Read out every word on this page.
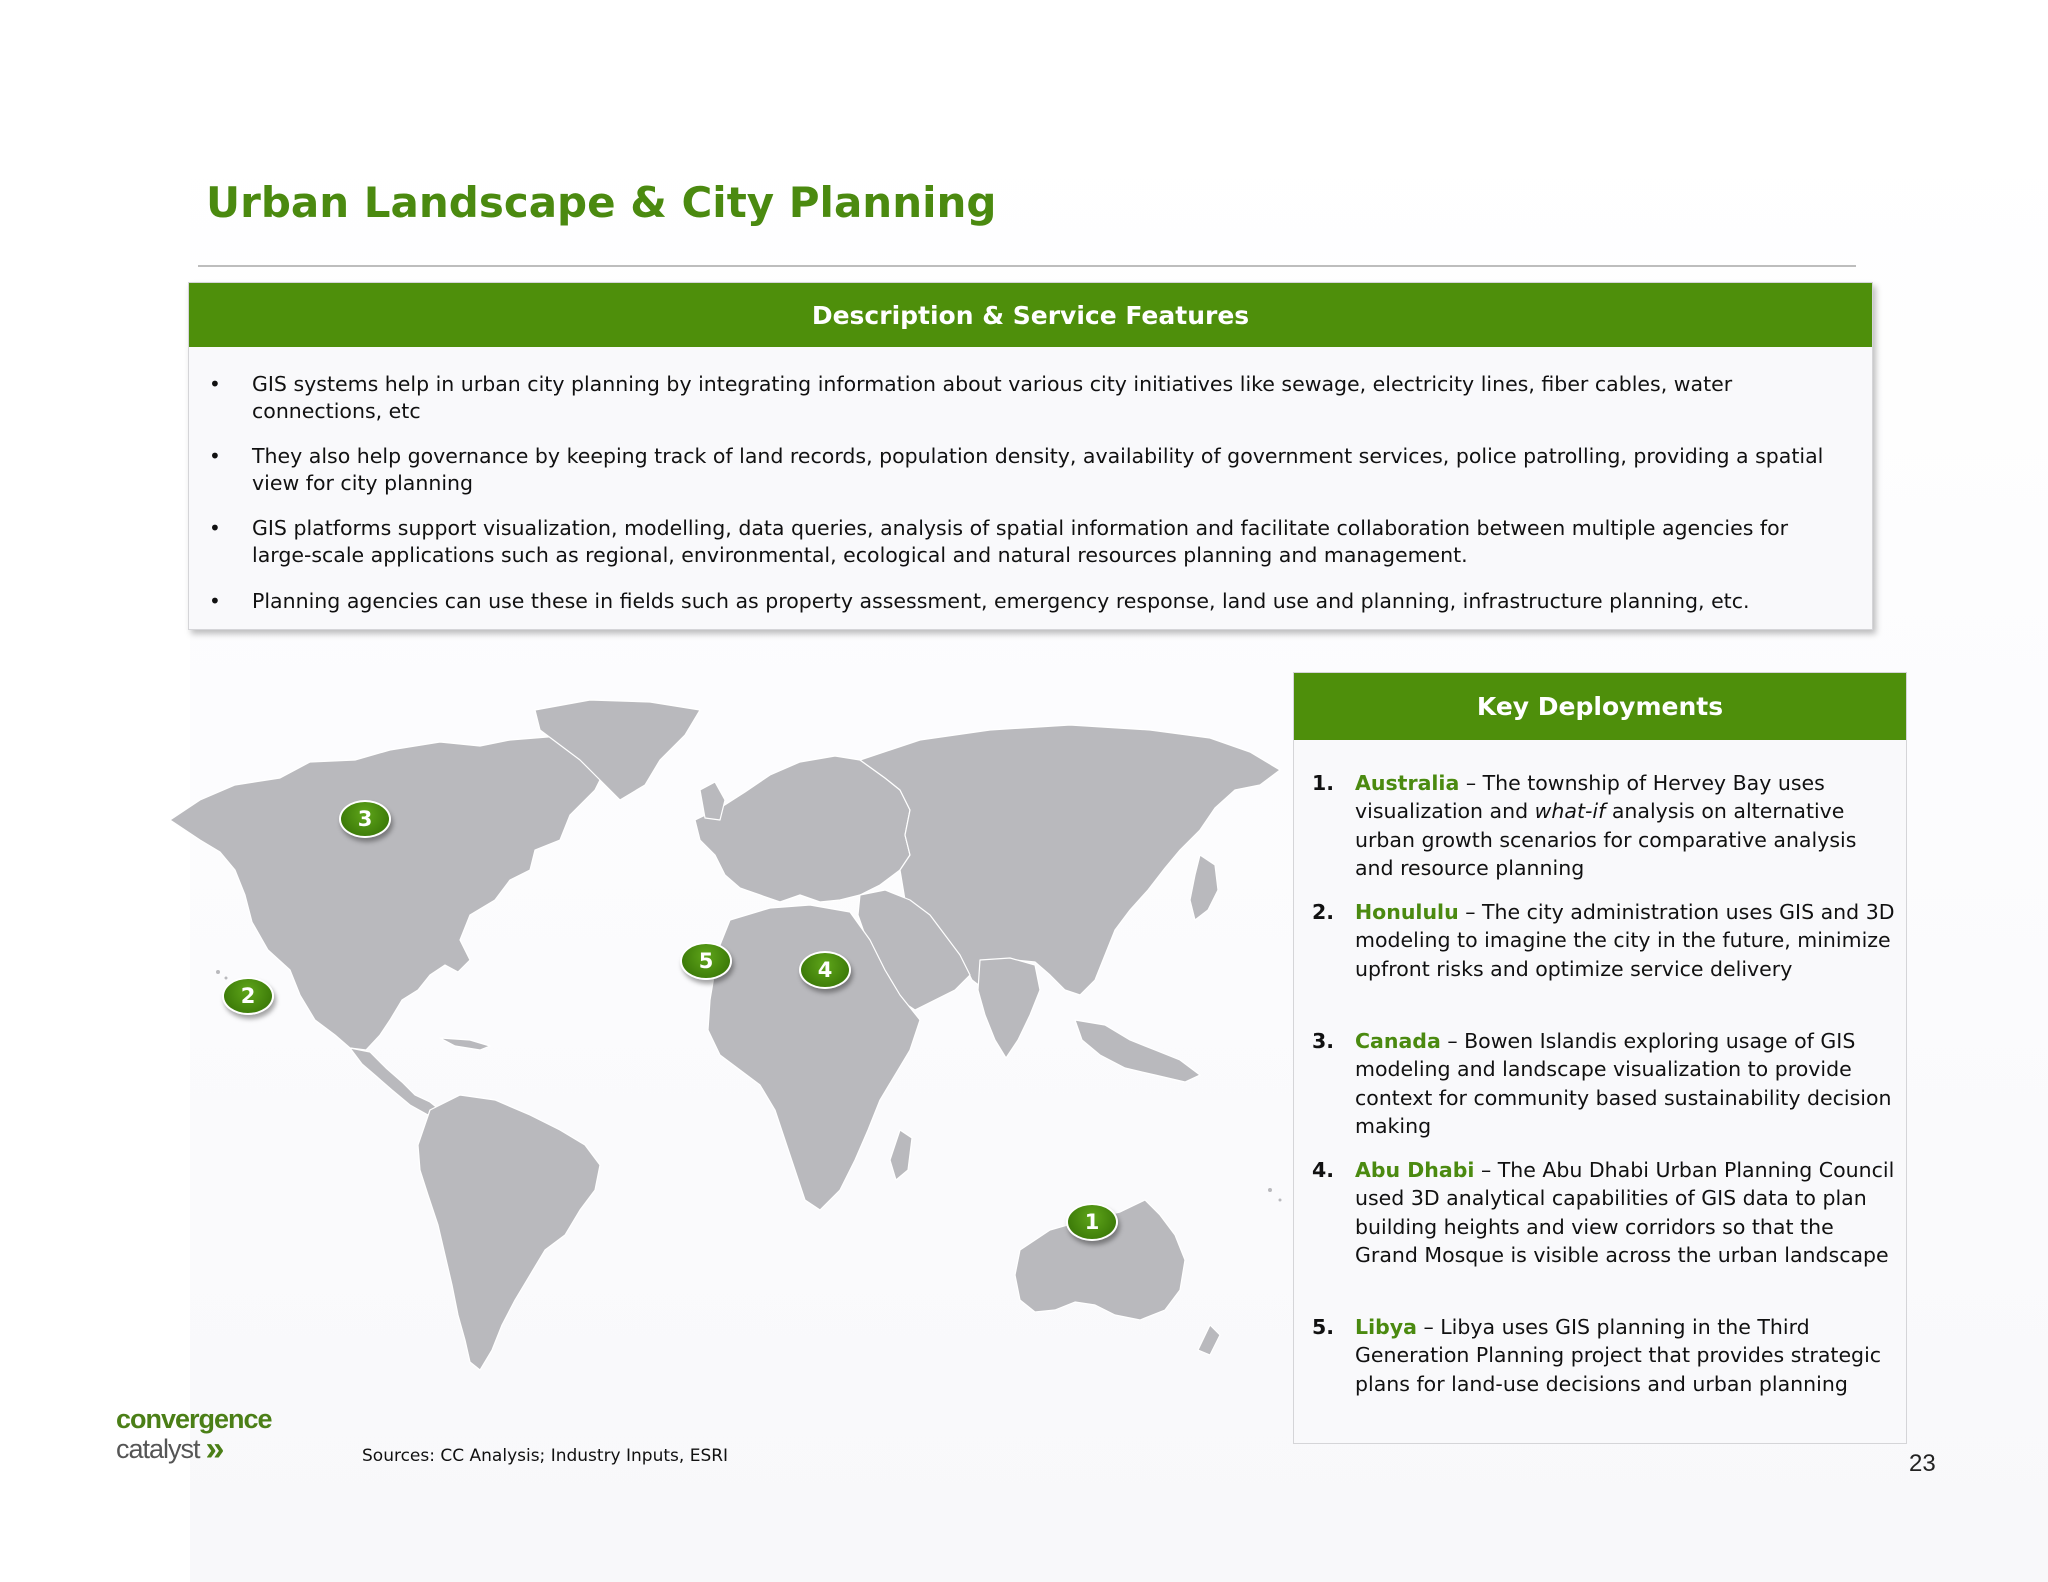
Urban Landscape & City Planning
Description & Service Features
• GIS systems help in urban city planning by integrating information about various city initiatives like sewage, electricity lines, fiber cables, water connections, etc
• They also help governance by keeping track of land records, population density, availability of government services, police patrolling, providing a spatial view for city planning
• GIS platforms support visualization, modelling, data queries, analysis of spatial information and facilitate collaboration between multiple agencies for large-scale applications such as regional, environmental, ecological and natural resources planning and management.
• Planning agencies can use these in fields such as property assessment, emergency response, land use and planning, infrastructure planning, etc.
3
2
5	4
1
Key Deployments
1. Australia – The township of Hervey Bay uses visualization and what-if analysis on alternative urban growth scenarios for comparative analysis and resource planning
2. Honululu – The city administration uses GIS and 3D modeling to imagine the city in the future, minimize upfront risks and optimize service delivery
3. Canada – Bowen Islandis exploring usage of GIS modeling and landscape visualization to provide context for community based sustainability decision making
4. Abu Dhabi – The Abu Dhabi Urban Planning Council used 3D analytical capabilities of GIS data to plan building heights and view corridors so that the Grand Mosque is visible across the urban landscape
5. Libya – Libya uses GIS planning in the Third Generation Planning project that provides strategic plans for land-use decisions and urban planning
convergence
catalyst »	Sources: CC Analysis; Industry Inputs, ESRI	23
